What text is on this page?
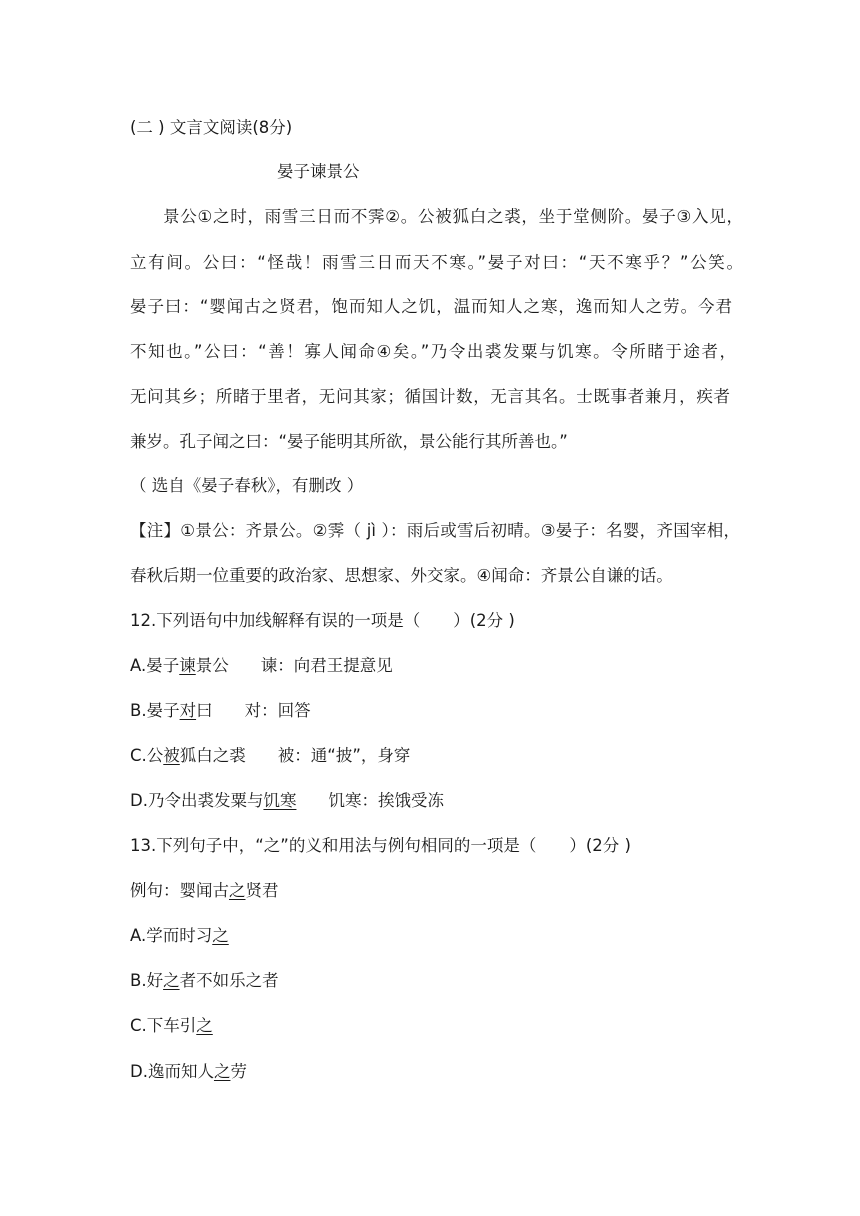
(二 ) 文言文阅读(8分)
晏子谏景公
景公①之时，雨雪三日而不霁②。公被狐白之裘，坐于堂侧阶。晏子③入见，
立有间。公曰：“怪哉！雨雪三日而天不寒。”晏子对曰：“天不寒乎？”公笑。
晏子曰：“婴闻古之贤君，饱而知人之饥，温而知人之寒，逸而知人之劳。今君
不知也。”公曰：“善！寡人闻命④矣。”乃令出裘发粟与饥寒。令所睹于途者，
无问其乡；所睹于里者，无问其家；循国计数，无言其名。士既事者兼月，疾者
兼岁。孔子闻之曰：“晏子能明其所欲，景公能行其所善也。”
（ 选自《晏子春秋》，有删改 ）
【注】①景公：齐景公。②霁（ jì ）：雨后或雪后初晴。③晏子：名婴，齐国宰相，
春秋后期一位重要的政治家、思想家、外交家。④闻命：齐景公自谦的话。
12.下列语句中加线解释有误的一项是（　　）(2分 )
A.晏子谏景公 谏：向君王提意见
B.晏子对曰 对：回答
C.公被狐白之裘 被：通“披”，身穿
D.乃令出裘发粟与饥寒 饥寒：挨饿受冻
13.下列句子中，“之”的义和用法与例句相同的一项是（　　）(2分 )
例句：婴闻古之贤君
A.学而时习之
B.好之者不如乐之者
C.下车引之
D.逸而知人之劳
